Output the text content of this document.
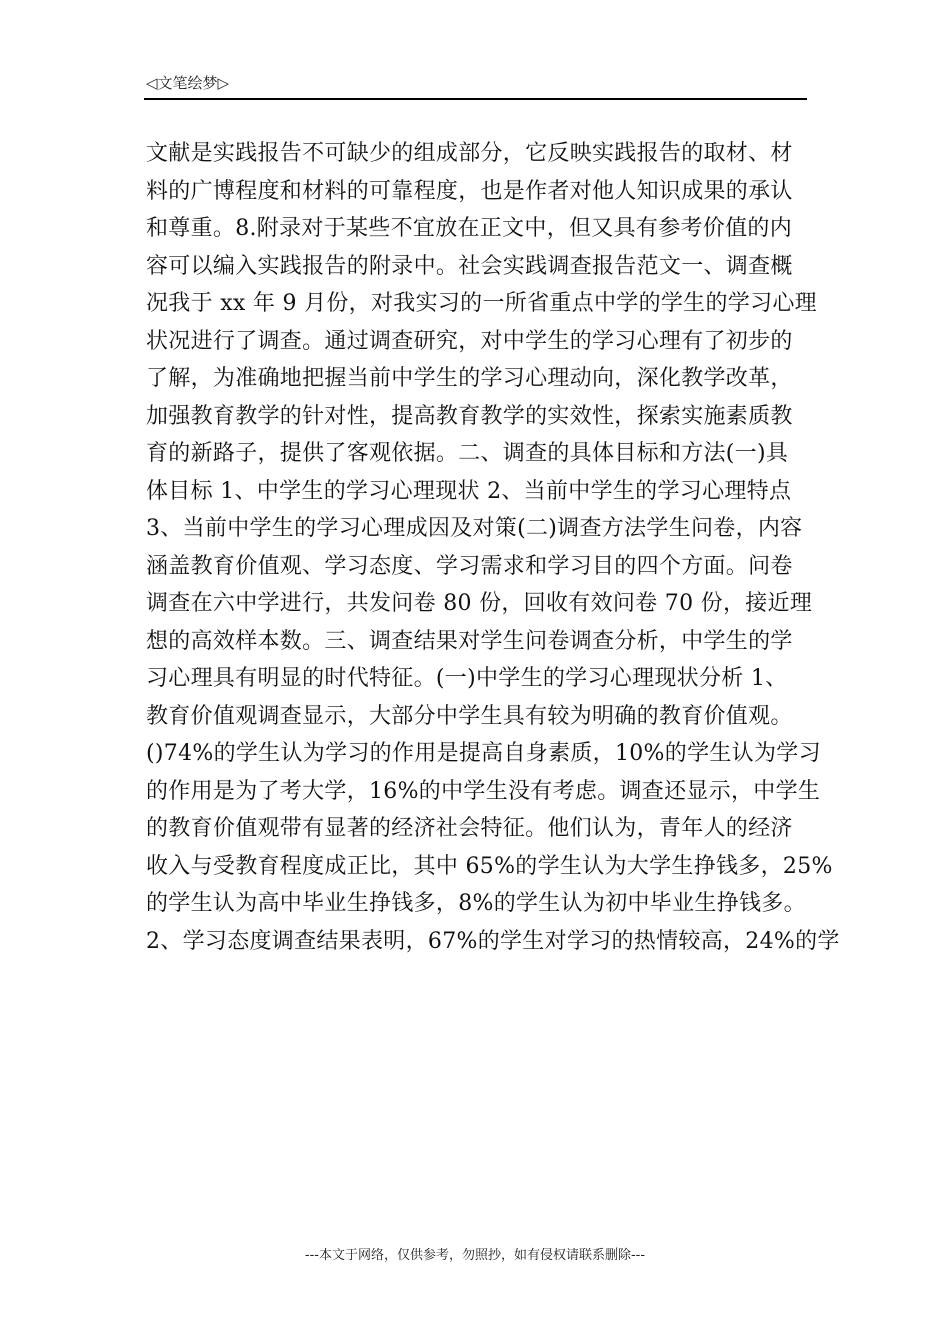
◁文笔绘梦▷
文献是实践报告不可缺少的组成部分，它反映实践报告的取材、材
料的广博程度和材料的可靠程度，也是作者对他人知识成果的承认
和尊重。8.附录对于某些不宜放在正文中，但又具有参考价值的内
容可以编入实践报告的附录中。社会实践调查报告范文一、调查概
况我于 xx 年 9 月份，对我实习的一所省重点中学的学生的学习心理
状况进行了调查。通过调查研究，对中学生的学习心理有了初步的
了解，为准确地把握当前中学生的学习心理动向，深化教学改革，
加强教育教学的针对性，提高教育教学的实效性，探索实施素质教
育的新路子，提供了客观依据。二、调查的具体目标和方法(一)具
体目标 1、中学生的学习心理现状 2、当前中学生的学习心理特点
3、当前中学生的学习心理成因及对策(二)调查方法学生问卷，内容
涵盖教育价值观、学习态度、学习需求和学习目的四个方面。问卷
调查在六中学进行，共发问卷 80 份，回收有效问卷 70 份，接近理
想的高效样本数。三、调查结果对学生问卷调查分析，中学生的学
习心理具有明显的时代特征。(一)中学生的学习心理现状分析 1、
教育价值观调查显示，大部分中学生具有较为明确的教育价值观。
()74%的学生认为学习的作用是提高自身素质，10%的学生认为学习
的作用是为了考大学，16%的中学生没有考虑。调查还显示，中学生
的教育价值观带有显著的经济社会特征。他们认为，青年人的经济
收入与受教育程度成正比，其中 65%的学生认为大学生挣钱多，25%
的学生认为高中毕业生挣钱多，8%的学生认为初中毕业生挣钱多。
2、学习态度调查结果表明，67%的学生对学习的热情较高，24%的学
---本文于网络，仅供参考，勿照抄，如有侵权请联系删除---
